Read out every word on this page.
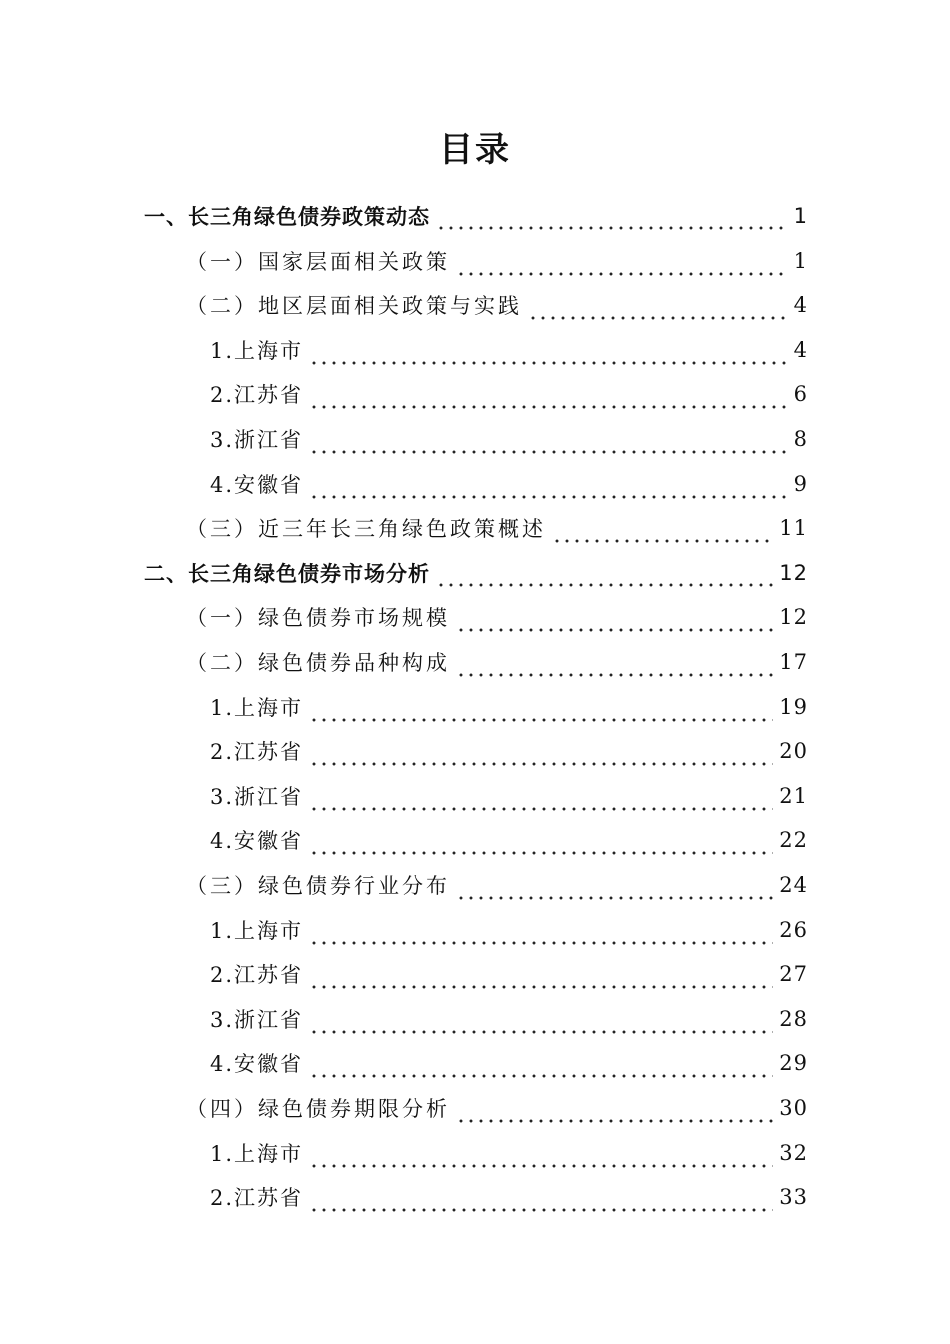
目录
一、长三角绿色债券政策动态	1
（一）国家层面相关政策	1
（二）地区层面相关政策与实践	4
1.上海市	4
2.江苏省	6
3.浙江省	8
4.安徽省	9
（三）近三年长三角绿色政策概述	11
二、长三角绿色债券市场分析	12
（一）绿色债券市场规模	12
（二）绿色债券品种构成	17
1.上海市	19
2.江苏省	20
3.浙江省	21
4.安徽省	22
（三）绿色债券行业分布	24
1.上海市	26
2.江苏省	27
3.浙江省	28
4.安徽省	29
（四）绿色债券期限分析	30
1.上海市	32
2.江苏省	33
